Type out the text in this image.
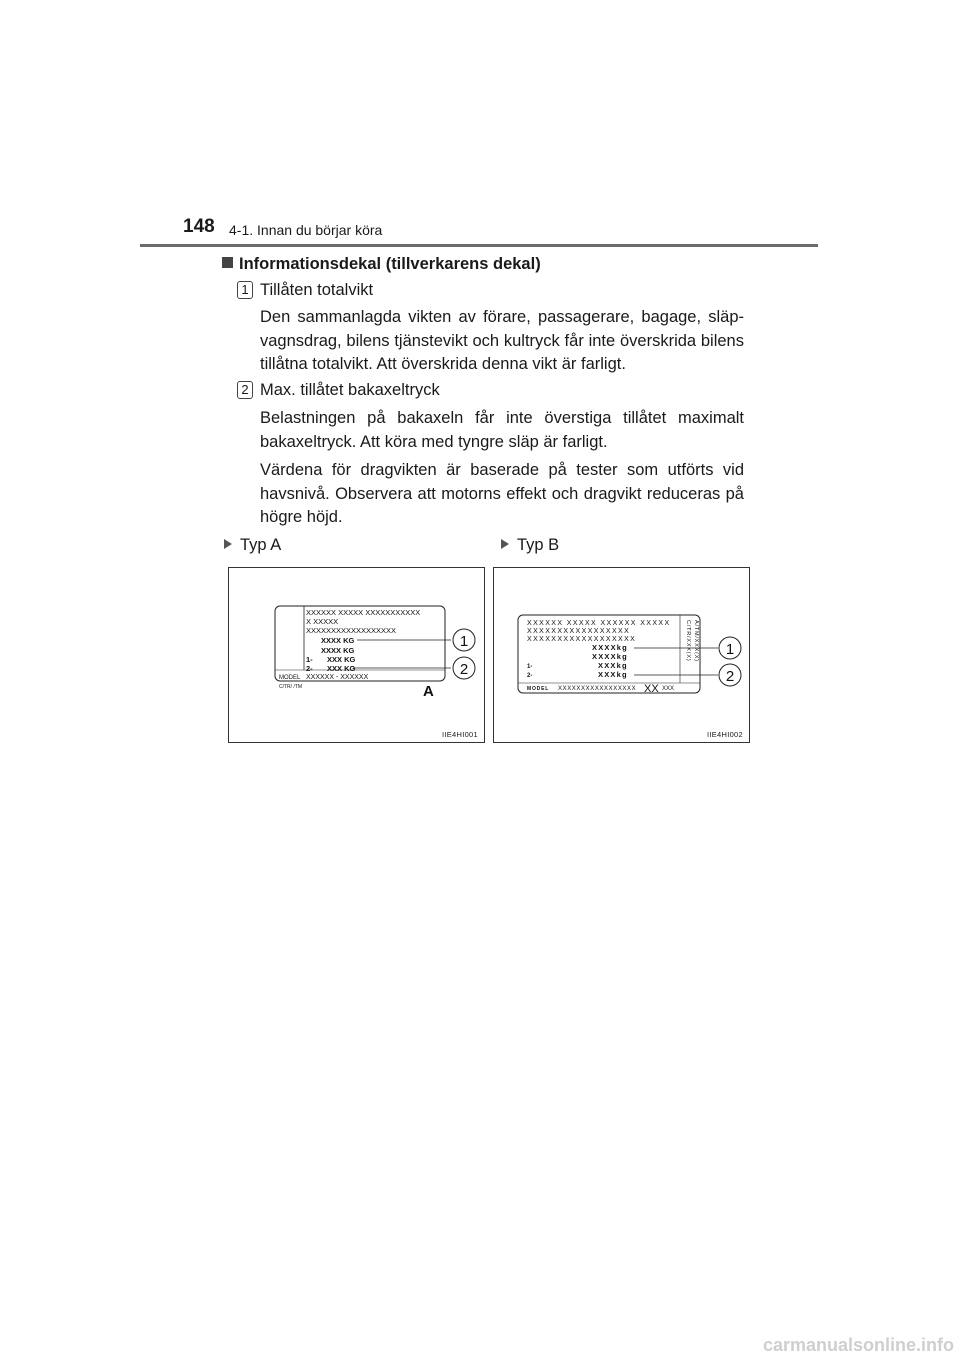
148 4-1. Innan du börjar köra
Informationsdekal (tillverkarens dekal)
1 Tillåten totalvikt
Den sammanlagda vikten av förare, passagerare, bagage, släp-vagnsdrag, bilens tjänstevikt och kultryck får inte överskrida bilens tillåtna totalvikt. Att överskrida denna vikt är farligt.
2 Max. tillåtet bakaxeltryck
Belastningen på bakaxeln får inte överstiga tillåtet maximalt bakaxeltryck. Att köra med tyngre släp är farligt.
Värdena för dragvikten är baserade på tester som utförts vid havsnivå. Observera att motorns effekt och dragvikt reduceras på högre höjd.
Typ A	Typ B
XXXXXX XXXXX XXXXXXXXXXX
X XXXXX
XXXXXXXXXXXXXXXXXX
XXXX KG
XXXX KG
1- XXX KG
2- XXX KG
MODEL XXXXXX - XXXXXX
C/TR/ /TM	A
1
2
IIE4HI001
XXXXXX XXXXX XXXXXX XXXXX
XXXXXXXXXXXXXXXXX
XXXXXXXXXXXXXXXXXX
XXXXkg
XXXXkg
1-	XXXkg
2-	XXXkg
MODEL XXXXXXXXXXXXXXXXX XX XXX
C/TR/XXX(X) A/TM/XXX(X) 1
2
IIE4HI002
carmanualsonline.info
